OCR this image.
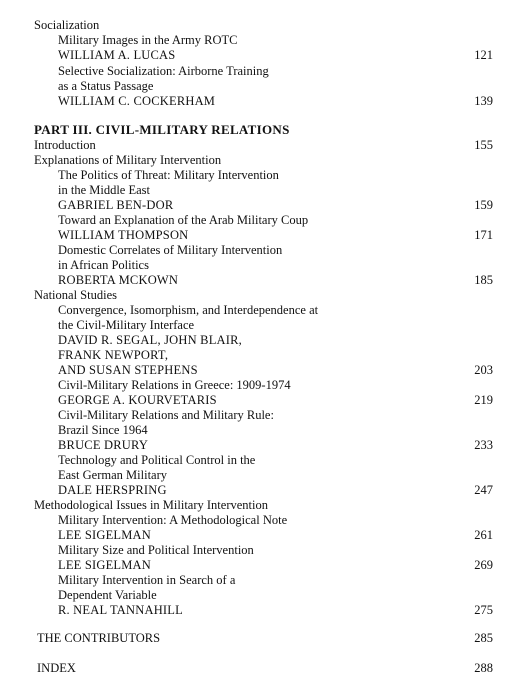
Socialization
Military Images in the Army ROTC
WILLIAM A. LUCAS	121
Selective Socialization: Airborne Training
as a Status Passage
WILLIAM C. COCKERHAM	139
PART III. CIVIL-MILITARY RELATIONS
Introduction	155
Explanations of Military Intervention
The Politics of Threat: Military Intervention
in the Middle East
GABRIEL BEN-DOR	159
Toward an Explanation of the Arab Military Coup
WILLIAM THOMPSON	171
Domestic Correlates of Military Intervention
in African Politics
ROBERTA MCKOWN	185
National Studies
Convergence, Isomorphism, and Interdependence at
the Civil-Military Interface
DAVID R. SEGAL, JOHN BLAIR,
FRANK NEWPORT,
AND SUSAN STEPHENS	203
Civil-Military Relations in Greece: 1909-1974
GEORGE A. KOURVETARIS	219
Civil-Military Relations and Military Rule:
Brazil Since 1964
BRUCE DRURY	233
Technology and Political Control in the
East German Military
DALE HERSPRING	247
Methodological Issues in Military Intervention
Military Intervention: A Methodological Note
LEE SIGELMAN	261
Military Size and Political Intervention
LEE SIGELMAN	269
Military Intervention in Search of a
Dependent Variable
R. NEAL TANNAHILL	275
THE CONTRIBUTORS	285
INDEX	288
